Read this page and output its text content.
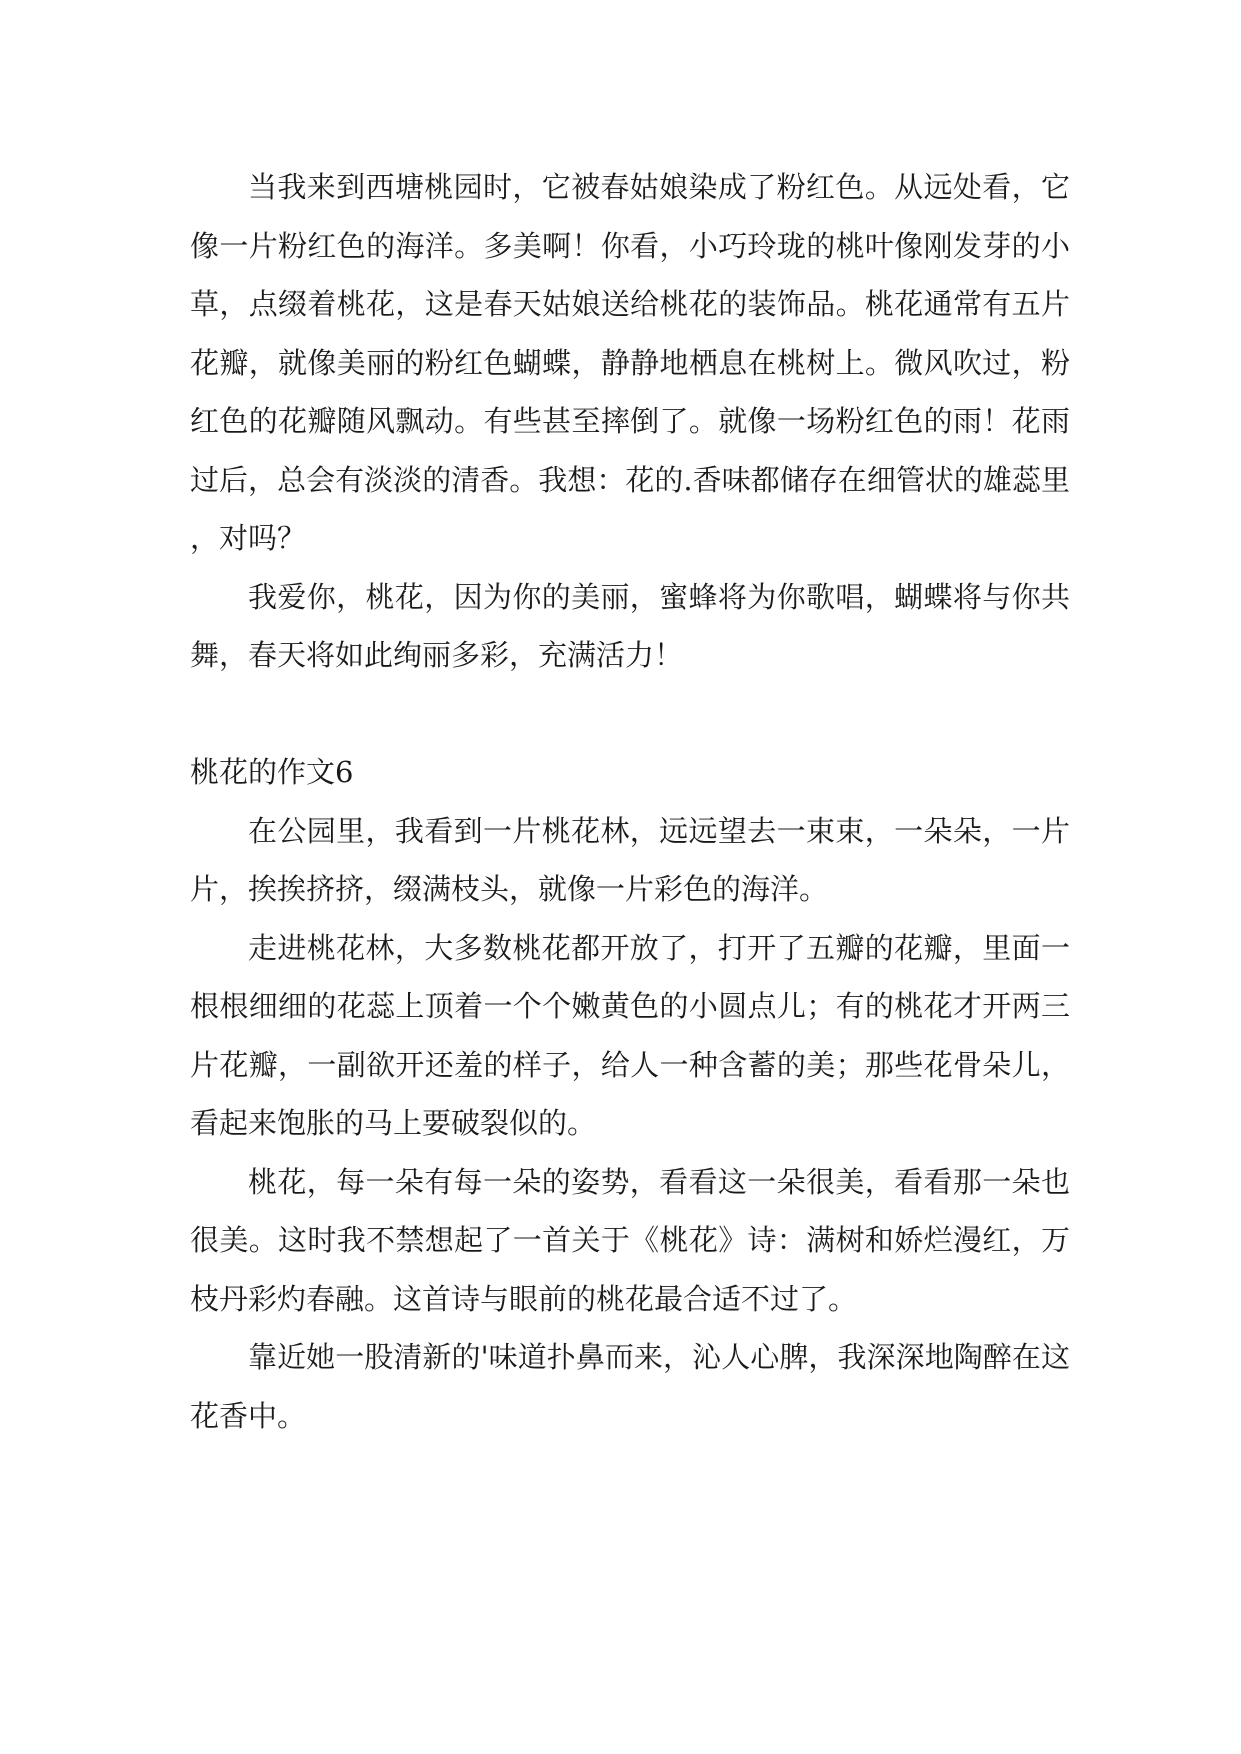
当我来到西塘桃园时，它被春姑娘染成了粉红色。从远处看，它像一片粉红色的海洋。多美啊！你看，小巧玲珑的桃叶像刚发芽的小草，点缀着桃花，这是春天姑娘送给桃花的装饰品。桃花通常有五片花瓣，就像美丽的粉红色蝴蝶，静静地栖息在桃树上。微风吹过，粉红色的花瓣随风飘动。有些甚至摔倒了。就像一场粉红色的雨！花雨过后，总会有淡淡的清香。我想：花的.香味都储存在细管状的雄蕊里，对吗？

我爱你，桃花，因为你的美丽，蜜蜂将为你歌唱，蝴蝶将与你共舞，春天将如此绚丽多彩，充满活力！

桃花的作文6

在公园里，我看到一片桃花林，远远望去一束束，一朵朵，一片片，挨挨挤挤，缀满枝头，就像一片彩色的海洋。

走进桃花林，大多数桃花都开放了，打开了五瓣的花瓣，里面一根根细细的花蕊上顶着一个个嫩黄色的小圆点儿；有的桃花才开两三片花瓣，一副欲开还羞的样子，给人一种含蓄的美；那些花骨朵儿，看起来饱胀的马上要破裂似的。

桃花，每一朵有每一朵的姿势，看看这一朵很美，看看那一朵也很美。这时我不禁想起了一首关于《桃花》诗：满树和娇烂漫红，万枝丹彩灼春融。这首诗与眼前的桃花最合适不过了。

靠近她一股清新的'味道扑鼻而来，沁人心脾，我深深地陶醉在这花香中。
